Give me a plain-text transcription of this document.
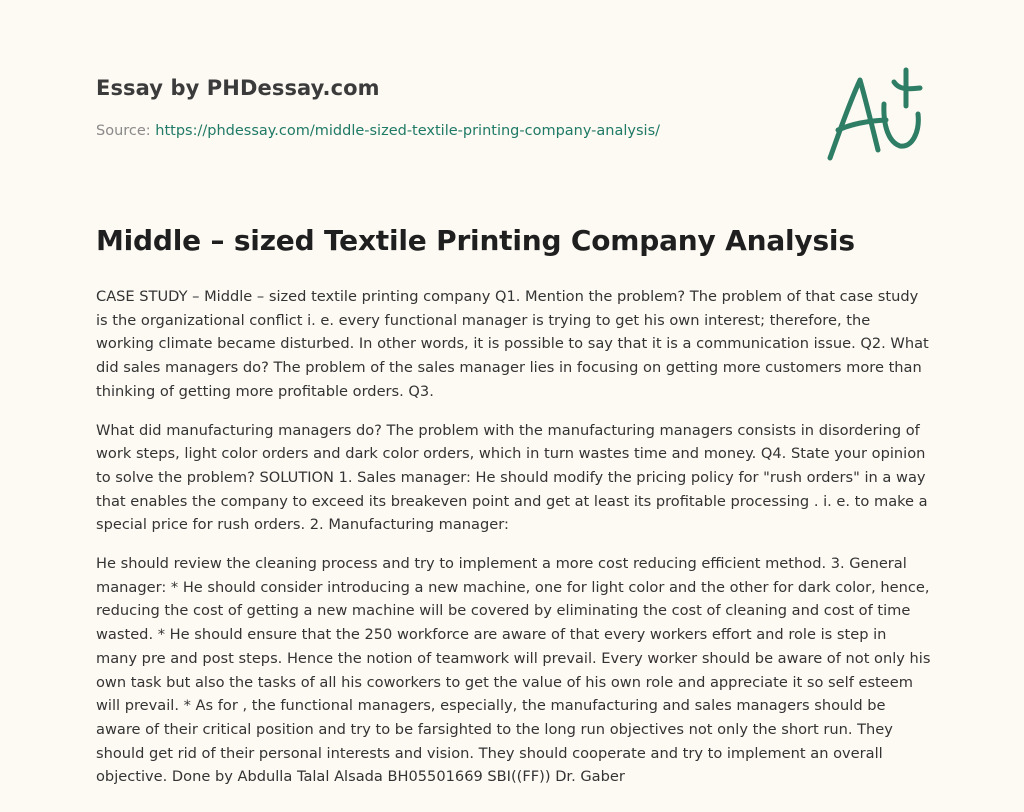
Essay by PHDessay.com
Source: https://phdessay.com/middle-sized-textile-printing-company-analysis/
Middle – sized Textile Printing Company Analysis

CASE STUDY – Middle – sized textile printing company Q1. Mention the problem? The problem of that case study is the organizational conflict i. e. every functional manager is trying to get his own interest; therefore, the working climate became disturbed. In other words, it is possible to say that it is a communication issue. Q2. What did sales managers do? The problem of the sales manager lies in focusing on getting more customers more than thinking of getting more profitable orders. Q3.

What did manufacturing managers do? The problem with the manufacturing managers consists in disordering of work steps, light color orders and dark color orders, which in turn wastes time and money. Q4. State your opinion to solve the problem? SOLUTION 1. Sales manager: He should modify the pricing policy for "rush orders" in a way that enables the company to exceed its breakeven point and get at least its profitable processing . i. e. to make a special price for rush orders. 2. Manufacturing manager:

He should review the cleaning process and try to implement a more cost reducing efficient method. 3. General manager: * He should consider introducing a new machine, one for light color and the other for dark color, hence, reducing the cost of getting a new machine will be covered by eliminating the cost of cleaning and cost of time wasted. * He should ensure that the 250 workforce are aware of that every workers effort and role is step in many pre and post steps. Hence the notion of teamwork will prevail. Every worker should be aware of not only his own task but also the tasks of all his coworkers to get the value of his own role and appreciate it so self esteem will prevail. * As for , the functional managers, especially, the manufacturing and sales managers should be aware of their critical position and try to be farsighted to the long run objectives not only the short run. They should get rid of their personal interests and vision. They should cooperate and try to implement an overall objective. Done by Abdulla Talal Alsada BH05501669 SBI((FF)) Dr. Gaber
